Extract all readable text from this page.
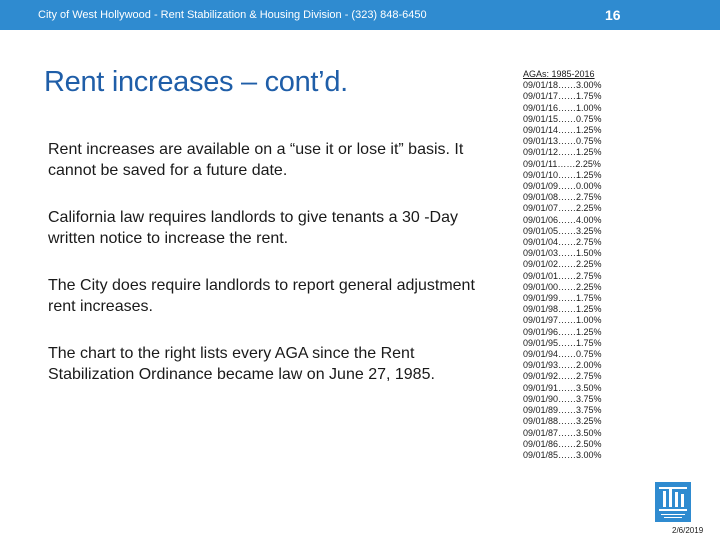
City of West Hollywood - Rent Stabilization & Housing Division - (323) 848-6450	16
Rent increases – cont’d.

Rent increases are available on a “use it or lose it” basis. It cannot be saved for a future date.

California law requires landlords to give tenants a 30 -Day written notice to increase the rent.

The City does require landlords to report general adjustment rent increases.

The chart to the right lists every AGA since the Rent Stabilization Ordinance became law on June 27, 1985.

AGAs: 1985-2016
09/01/18……3.00%
09/01/17……1.75%
09/01/16……1.00%
09/01/15……0.75%
09/01/14……1.25%
09/01/13……0.75%
09/01/12……1.25%
09/01/11……2.25%
09/01/10……1.25%
09/01/09……0.00%
09/01/08……2.75%
09/01/07……2.25%
09/01/06……4.00%
09/01/05……3.25%
09/01/04……2.75%
09/01/03……1.50%
09/01/02……2.25%
09/01/01……2.75%
09/01/00……2.25%
09/01/99……1.75%
09/01/98……1.25%
09/01/97……1.00%
09/01/96……1.25%
09/01/95……1.75%
09/01/94……0.75%
09/01/93……2.00%
09/01/92……2.75%
09/01/91……3.50%
09/01/90……3.75%
09/01/89……3.75%
09/01/88……3.25%
09/01/87……3.50%
09/01/86……2.50%
09/01/85……3.00%
2/6/2019
